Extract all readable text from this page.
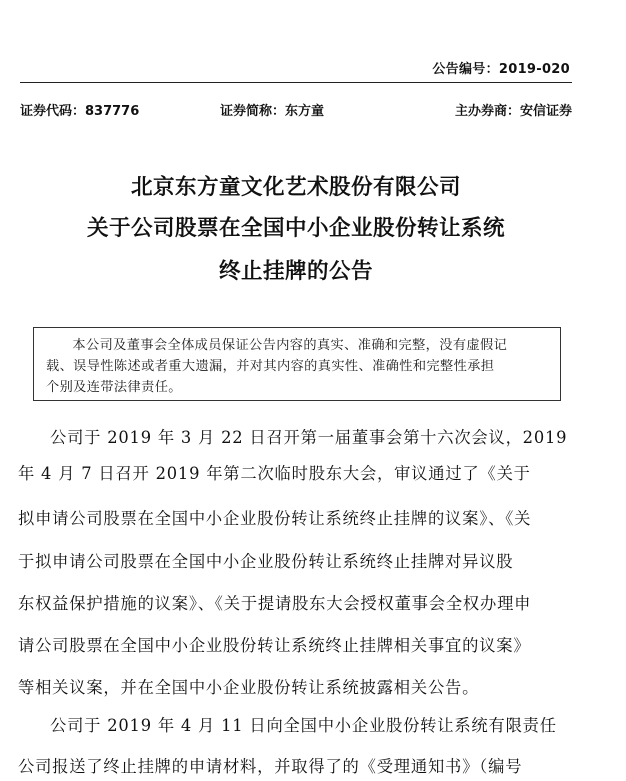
公告编号：2019-020
证券代码：837776	证券简称：东方童	主办券商：安信证券
北京东方童文化艺术股份有限公司
关于公司股票在全国中小企业股份转让系统
终止挂牌的公告
本公司及董事会全体成员保证公告内容的真实、准确和完整，没有虚假记
载、误导性陈述或者重大遗漏，并对其内容的真实性、准确性和完整性承担
个别及连带法律责任。
公司于 2019 年 3 月 22 日召开第一届董事会第十六次会议，2019
年 4 月 7 日召开 2019 年第二次临时股东大会，审议通过了《关于
拟申请公司股票在全国中小企业股份转让系统终止挂牌的议案》、《关
于拟申请公司股票在全国中小企业股份转让系统终止挂牌对异议股
东权益保护措施的议案》、《关于提请股东大会授权董事会全权办理申
请公司股票在全国中小企业股份转让系统终止挂牌相关事宜的议案》
等相关议案，并在全国中小企业股份转让系统披露相关公告。
公司于 2019 年 4 月 11 日向全国中小企业股份转让系统有限责任
公司报送了终止挂牌的申请材料，并取得了的《受理通知书》（编号
